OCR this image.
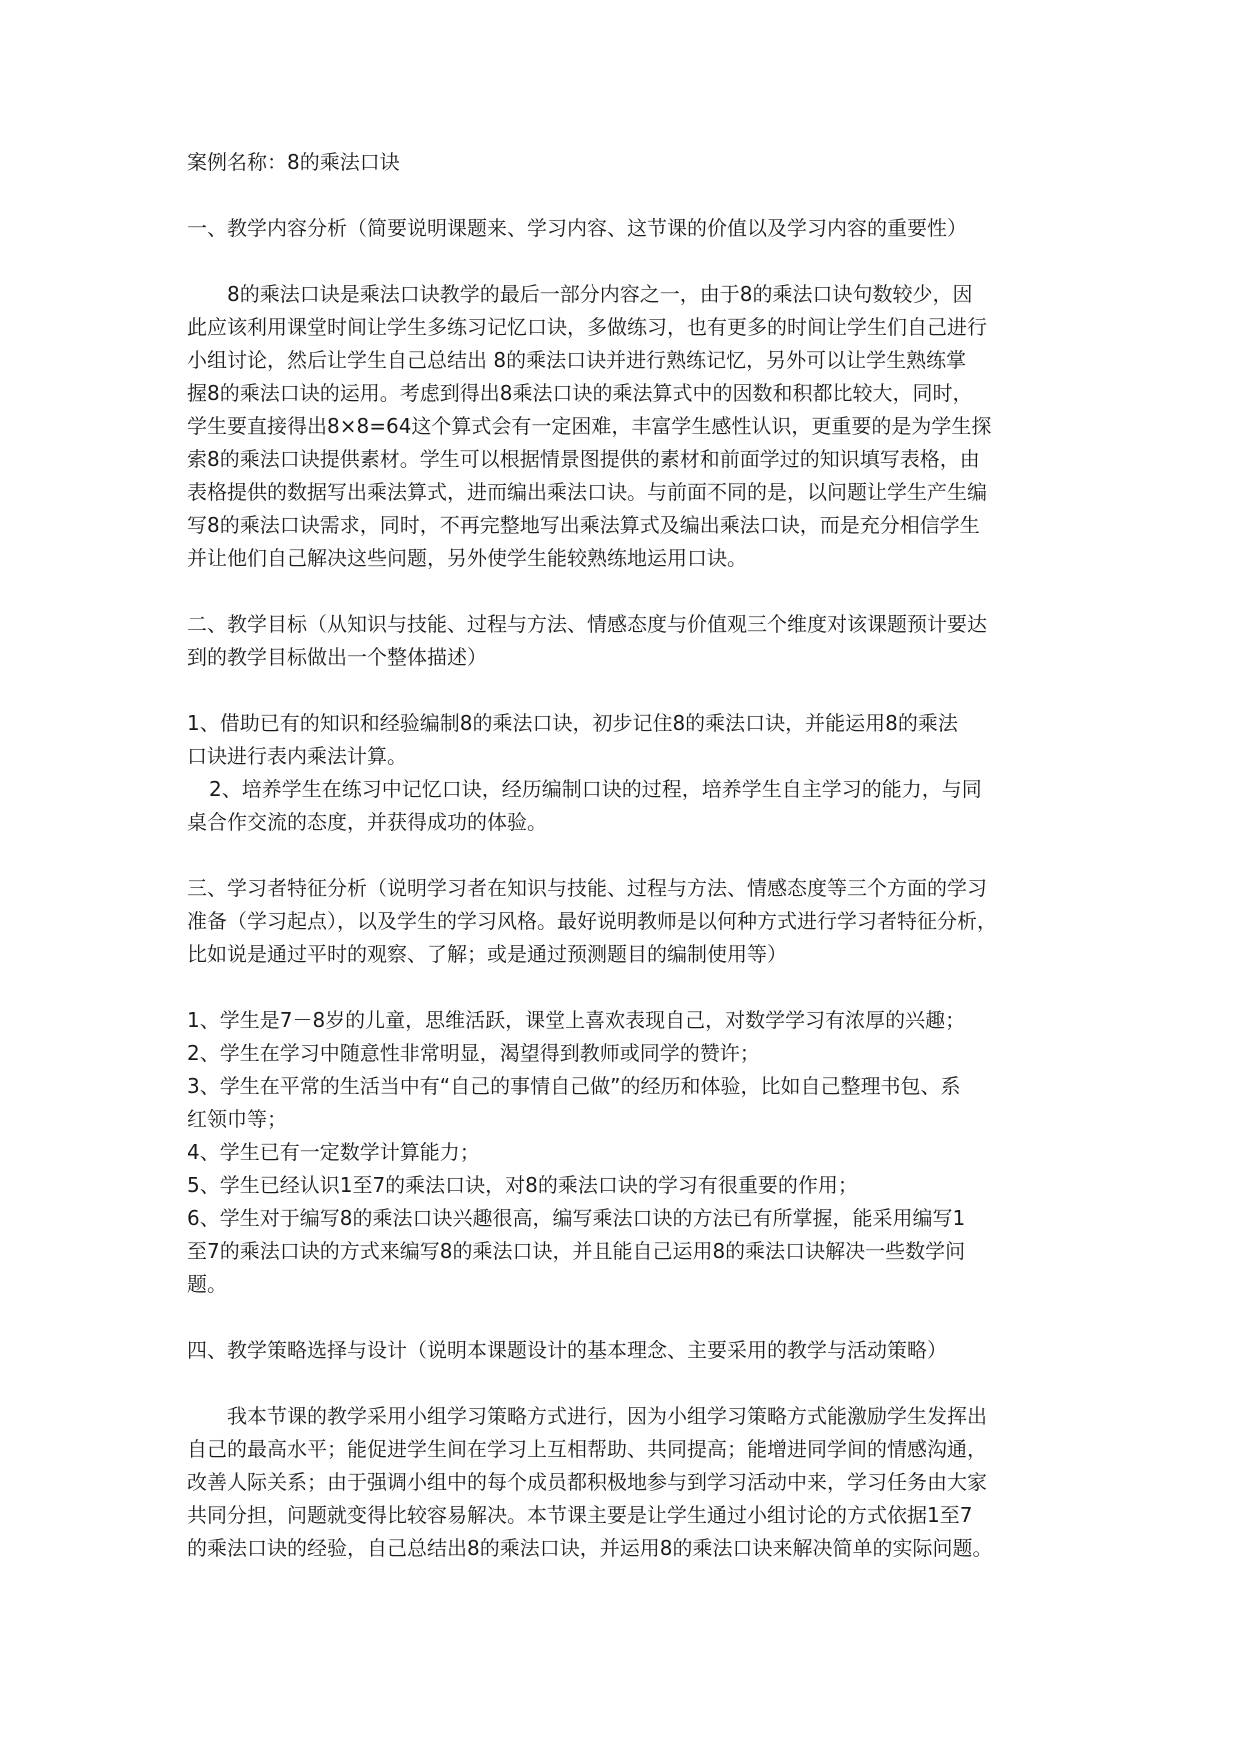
案例名称：8的乘法口诀
一、教学内容分析（简要说明课题来、学习内容、这节课的价值以及学习内容的重要性）
8的乘法口诀是乘法口诀教学的最后一部分内容之一，由于8的乘法口诀句数较少，因
此应该利用课堂时间让学生多练习记忆口诀，多做练习，也有更多的时间让学生们自己进行
小组讨论，然后让学生自己总结出 8的乘法口诀并进行熟练记忆，另外可以让学生熟练掌
握8的乘法口诀的运用。考虑到得出8乘法口诀的乘法算式中的因数和积都比较大，同时，
学生要直接得出8×8=64这个算式会有一定困难，丰富学生感性认识，更重要的是为学生探
索8的乘法口诀提供素材。学生可以根据情景图提供的素材和前面学过的知识填写表格，由
表格提供的数据写出乘法算式，进而编出乘法口诀。与前面不同的是，以问题让学生产生编
写8的乘法口诀需求，同时，不再完整地写出乘法算式及编出乘法口诀，而是充分相信学生
并让他们自己解决这些问题，另外使学生能较熟练地运用口诀。
二、教学目标（从知识与技能、过程与方法、情感态度与价值观三个维度对该课题预计要达
到的教学目标做出一个整体描述）
1、借助已有的知识和经验编制8的乘法口诀，初步记住8的乘法口诀，并能运用8的乘法
口诀进行表内乘法计算。
2、培养学生在练习中记忆口诀，经历编制口诀的过程，培养学生自主学习的能力，与同
桌合作交流的态度，并获得成功的体验。
三、学习者特征分析（说明学习者在知识与技能、过程与方法、情感态度等三个方面的学习
准备（学习起点），以及学生的学习风格。最好说明教师是以何种方式进行学习者特征分析，
比如说是通过平时的观察、了解；或是通过预测题目的编制使用等）
1、学生是7－8岁的儿童，思维活跃，课堂上喜欢表现自己，对数学学习有浓厚的兴趣；
2、学生在学习中随意性非常明显，渴望得到教师或同学的赞许；
3、学生在平常的生活当中有“自己的事情自己做”的经历和体验，比如自己整理书包、系
红领巾等；
4、学生已有一定数学计算能力；
5、学生已经认识1至7的乘法口诀，对8的乘法口诀的学习有很重要的作用；
6、学生对于编写8的乘法口诀兴趣很高，编写乘法口诀的方法已有所掌握，能采用编写1
至7的乘法口诀的方式来编写8的乘法口诀，并且能自己运用8的乘法口诀解决一些数学问
题。
四、教学策略选择与设计（说明本课题设计的基本理念、主要采用的教学与活动策略）
我本节课的教学采用小组学习策略方式进行，因为小组学习策略方式能激励学生发挥出
自己的最高水平；能促进学生间在学习上互相帮助、共同提高；能增进同学间的情感沟通，
改善人际关系；由于强调小组中的每个成员都积极地参与到学习活动中来，学习任务由大家
共同分担，问题就变得比较容易解决。本节课主要是让学生通过小组讨论的方式依据1至7
的乘法口诀的经验，自己总结出8的乘法口诀，并运用8的乘法口诀来解决简单的实际问题。
